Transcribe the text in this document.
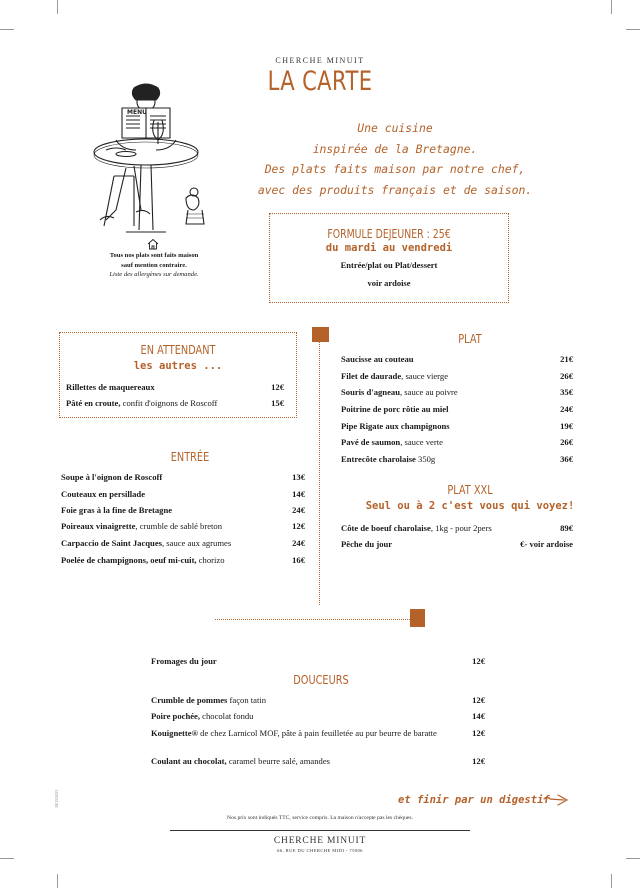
CHERCHE MINUIT
LA CARTE
Une cuisine
inspirée de la Bretagne.
Des plats faits maison par notre chef,
avec des produits français et de saison.
MENU
Tous nos plats sont faits maison
sauf mention contraire.
Liste des allergènes sur demande.
FORMULE DEJEUNER : 25€
du mardi au vendredi
Entrée/plat ou Plat/dessert
voir ardoise
EN ATTENDANT
les autres ...
Rillettes de maquereaux	12€
Pâté en croute, confit d'oignons de Roscoff	15€
ENTRÉE
Soupe à l'oignon de Roscoff	13€
Couteaux en persillade	14€
Foie gras à la fine de Bretagne	24€
Poireaux vinaigrette, crumble de sablé breton	12€
Carpaccio de Saint Jacques, sauce aux agrumes	24€
Poelée de champignons, oeuf mi-cuit, chorizo	16€
PLAT
Saucisse au couteau	21€
Filet de daurade, sauce vierge	26€
Souris d'agneau, sauce au poivre	35€
Poitrine de porc rôtie au miel	24€
Pipe Rigate aux champignons	19€
Pavé de saumon, sauce verte	26€
Entrecôte charolaise 350g	36€
PLAT XXL
Seul ou à 2 c'est vous qui voyez!
Côte de boeuf charolaise, 1kg - pour 2pers	89€
Pêche du jour	€- voir ardoise
Fromages du jour	12€
DOUCEURS
Crumble de pommes façon tatin	12€
Poire pochée, chocolat fondu	14€
Kouignette® de chez Larnicol MOF, pâte à pain feuilletée au pur beurre de baratte	12€
Coulant au chocolat, caramel beurre salé, amandes	12€
et finir par un digestif
18/11/2023
Nos prix sont indiqués TTC, service compris. La maison n'accepte pas les chèques.
CHERCHE MINUIT
66, RUE DU CHERCHE MIDI - 75006
